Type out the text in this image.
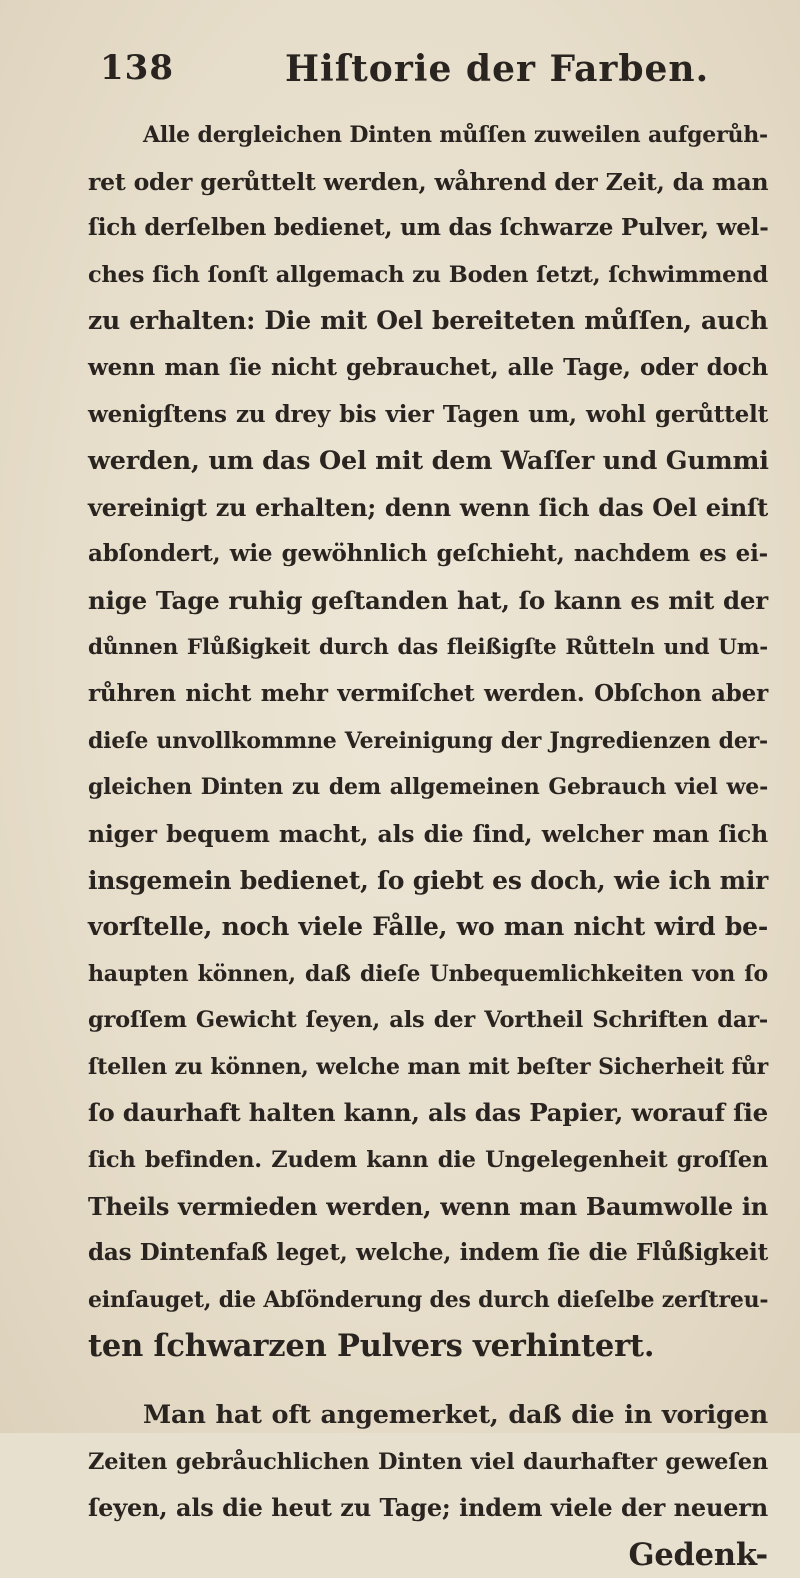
138	Hiſtorie der Farben.
Alle dergleichen Dinten můſſen zuweilen aufgerůh-
ret oder gerůttelt werden, wåhrend der Zeit, da man
ſich derſelben bedienet, um das ſchwarze Pulver, wel-
ches ſich ſonſt allgemach zu Boden ſetzt, ſchwimmend
zu erhalten: Die mit Oel bereiteten můſſen, auch
wenn man ſie nicht gebrauchet, alle Tage, oder doch
wenigſtens zu drey bis vier Tagen um, wohl gerůttelt
werden, um das Oel mit dem Waſſer und Gummi
vereinigt zu erhalten; denn wenn ſich das Oel einſt
abſondert, wie gewöhnlich geſchieht, nachdem es ei-
nige Tage ruhig geſtanden hat, ſo kann es mit der
důnnen Flůßigkeit durch das fleißigſte Růtteln und Um-
růhren nicht mehr vermiſchet werden. Obſchon aber
dieſe unvollkommne Vereinigung der Jngredienzen der-
gleichen Dinten zu dem allgemeinen Gebrauch viel we-
niger bequem macht, als die ſind, welcher man ſich
insgemein bedienet, ſo giebt es doch, wie ich mir
vorſtelle, noch viele Fålle, wo man nicht wird be-
haupten können, daß dieſe Unbequemlichkeiten von ſo
groſſem Gewicht ſeyen, als der Vortheil Schriften dar-
ſtellen zu können, welche man mit beſter Sicherheit fůr
ſo daurhaft halten kann, als das Papier, worauf ſie
ſich befinden. Zudem kann die Ungelegenheit groſſen
Theils vermieden werden, wenn man Baumwolle in
das Dintenfaß leget, welche, indem ſie die Flůßigkeit
einſauget, die Abſönderung des durch dieſelbe zerſtreu-
ten ſchwarzen Pulvers verhintert.
Man hat oft angemerket, daß die in vorigen
Zeiten gebråuchlichen Dinten viel daurhafter geweſen
ſeyen, als die heut zu Tage; indem viele der neuern
Gedenk-
